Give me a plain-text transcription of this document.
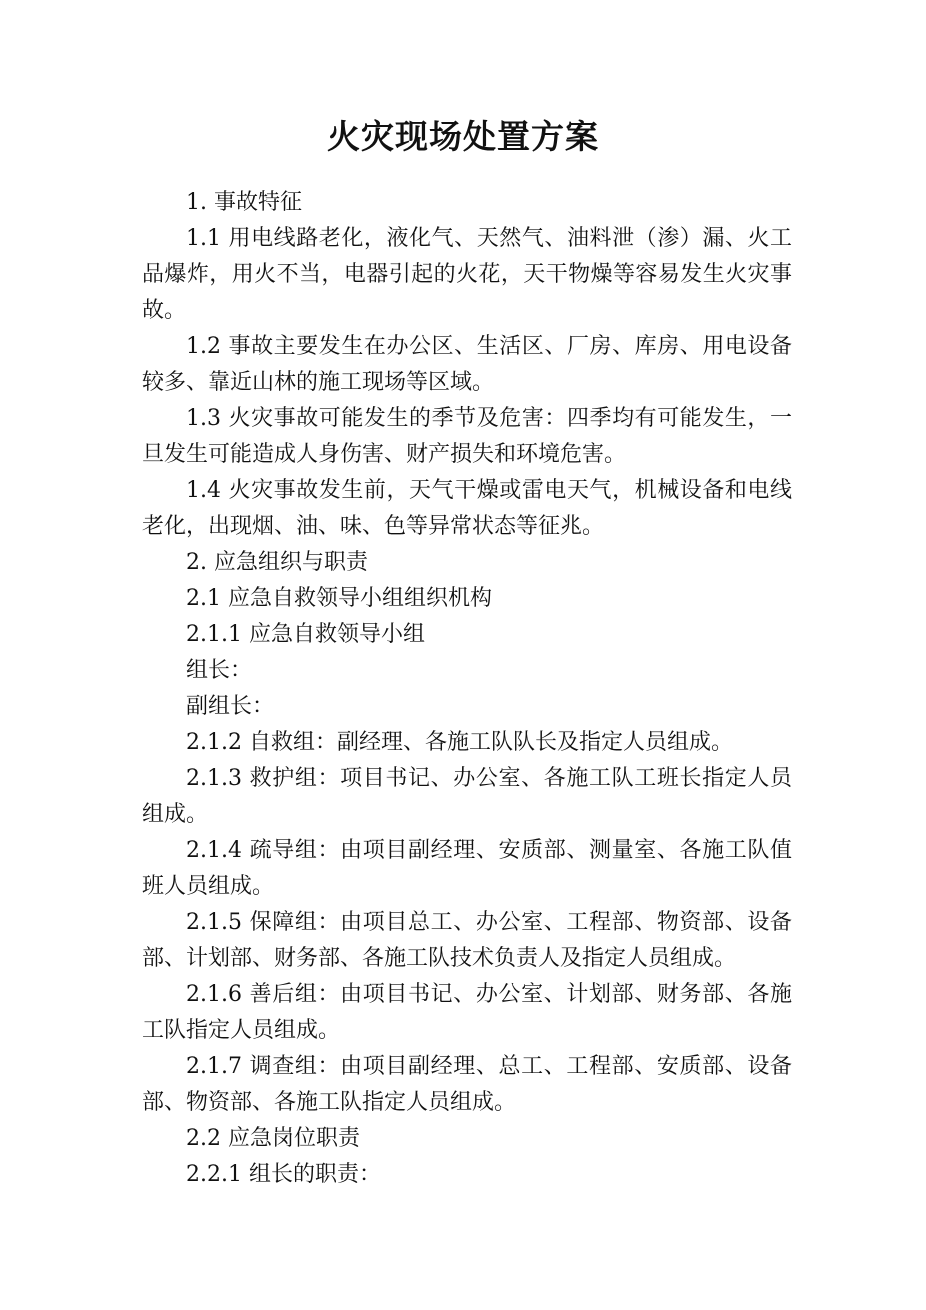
火灾现场处置方案

1. 事故特征

1.1 用电线路老化，液化气、天然气、油料泄（渗）漏、火工品爆炸，用火不当，电器引起的火花，天干物燥等容易发生火灾事故。

1.2 事故主要发生在办公区、生活区、厂房、库房、用电设备较多、靠近山林的施工现场等区域。

1.3 火灾事故可能发生的季节及危害：四季均有可能发生，一旦发生可能造成人身伤害、财产损失和环境危害。

1.4 火灾事故发生前，天气干燥或雷电天气，机械设备和电线老化，出现烟、油、味、色等异常状态等征兆。

2. 应急组织与职责

2.1 应急自救领导小组组织机构

2.1.1 应急自救领导小组

组长：

副组长：

2.1.2 自救组：副经理、各施工队队长及指定人员组成。

2.1.3 救护组：项目书记、办公室、各施工队工班长指定人员组成。

2.1.4 疏导组：由项目副经理、安质部、测量室、各施工队值班人员组成。

2.1.5 保障组：由项目总工、办公室、工程部、物资部、设备部、计划部、财务部、各施工队技术负责人及指定人员组成。

2.1.6 善后组：由项目书记、办公室、计划部、财务部、各施工队指定人员组成。

2.1.7 调查组：由项目副经理、总工、工程部、安质部、设备部、物资部、各施工队指定人员组成。

2.2 应急岗位职责

2.2.1 组长的职责：
